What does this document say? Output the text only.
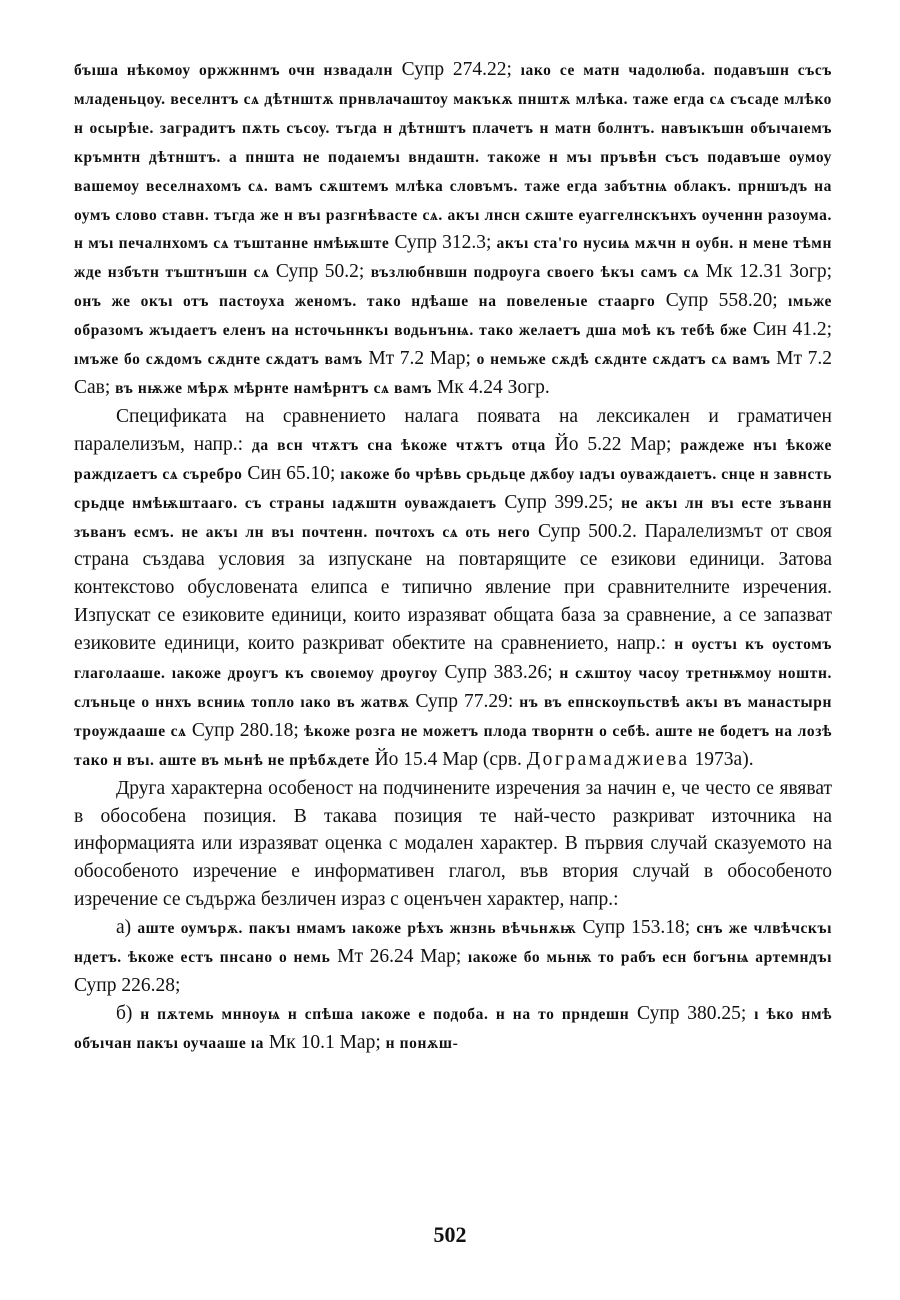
бъıша нѣкомоу оржжннмъ очн нзвадалн Супр 274.22; ıако се матн чадолюба. подавъшн съсъ младеньцоу. веселнтъ сѧ дѣтнштѫ прнвлачаштоу макъкѫ пнштѫ млѣка. таже егда сѧ съсаде млѣко н осырѣıе. заградитъ пѫть съсоу. тъгда н дѣтнштъ плачетъ н матн болнтъ. навъıкъшн объıчаıемъ кръмнтн дѣтнштъ. а пншта не подаıемъı вндаштн. такоже н мъı пръвѣн съсъ подавъше оумоу вашемоу веселнахомъ сѧ. вамъ сѫштемъ млѣка словъмъ. таже егда забътнѩ облакъ. прншъдъ на оумъ слово ставн. тъгда же н въı разгнѣвасте сѧ. акъı лнсн сѫште еуаггелнскънхъ оученнн разоума. н мъı печалнхомъ сѧ тъштанне нмѣѭште Супр 312.3; акъı ста'го нусиѩ мѫчн н оубн. н мене тѣмн жде нзбътн тъштнъшн сѧ Супр 50.2; възлюбнвшн подроуга своего ѣкъı самъ сѧ Мк 12.31 Зогр; онъ же окъı отъ пастоуха женомъ. тако ндѣаше на повеленьıе стаарго Супр 558.20; ıмьже образомъ жъıдаетъ еленъ на нсточьннкъı водьнънѩ. тако желаетъ дша моѣ къ тебѣ бже Син 41.2; ıмъже бо сѫдомъ сѫднте сѫдатъ вамъ Мт 7.2 Мар; о немьже сѫдѣ сѫднте сѫдатъ сѧ вамъ Мт 7.2 Сав; въ нѭже мѣрѫ мѣрнте намѣрнтъ сѧ вамъ Мк 4.24 Зогр.

Спецификата на сравнението налага появата на лексикален и граматичен паралелизъм, напр.: да всн чтѫтъ сна ѣкоже чтѫтъ отца Йо 5.22 Мар; раждеже нъı ѣкоже раждızаетъ сѧ съребро Син 65.10; ıакоже бо чрѣвь срьдьце дѫбоу ıадъı оуваждаıетъ. снце н завнсть срьдце нмѣѭштааго. съ страны ıадѫштн оуваждаıетъ Супр 399.25; не акъı лн въı есте зъванн зъванъ есмъ. не акъı лн въı почтенн. почтохъ сѧ оть него Супр 500.2. Паралелизмът от своя страна създава условия за изпускане на повтарящите се езикови единици. Затова контекстово обусловената елипса е типично явление при сравнителните изречения. Изпускат се езиковите единици, които изразяват общата база за сравнение, а се запазват езиковите единици, които разкриват обектите на сравнението, напр.: н оустъı къ оустомъ глаголааше. ıакоже дроугъ къ своıемоу дроугоу Супр 383.26; н сѫштоу часоу третнѭмоу ноштн. слъньце о ннхъ всниѩ топло ıако въ жатвѫ Супр 77.29: нъ въ епнскоупьствѣ акъı въ манастырн троуждааше сѧ Супр 280.18; ѣкоже розга не можетъ плода творнтн о себѣ. аште не бодетъ на лозѣ тако н въı. аште въ мьнѣ не прѣбѫдете Йо 15.4 Мар (срв. Дограмаджиева 1973а).

Друга характерна особеност на подчинените изречения за начин е, че често се явяват в обособена позиция. В такава позиция те най-често разкриват източника на информацията или изразяват оценка с модален характер. В първия случай сказуемото на обособеното изречение е информативен глагол, във втория случай в обособеното изречение се съдържа безличен израз с оценъчен характер, напр.:

а) аште оумърѫ. пакъı нмамъ ıакоже рѣхъ жнзнь вѣчьнѫѭ Супр 153.18; снъ же члвѣчскъı ндетъ. ѣкоже естъ пнсано о немь Мт 26.24 Мар; ıакоже бо мьнѭ то рабъ есн богънѩ артемндъı Супр 226.28;

б) н пѫтемь мнноуѩ н спѣша ıакоже е подоба. н на то прндешн Супр 380.25; ı ѣко нмѣ объıчан пакъı оучааше ıа Мк 10.1 Мар; н понѫш-

502
